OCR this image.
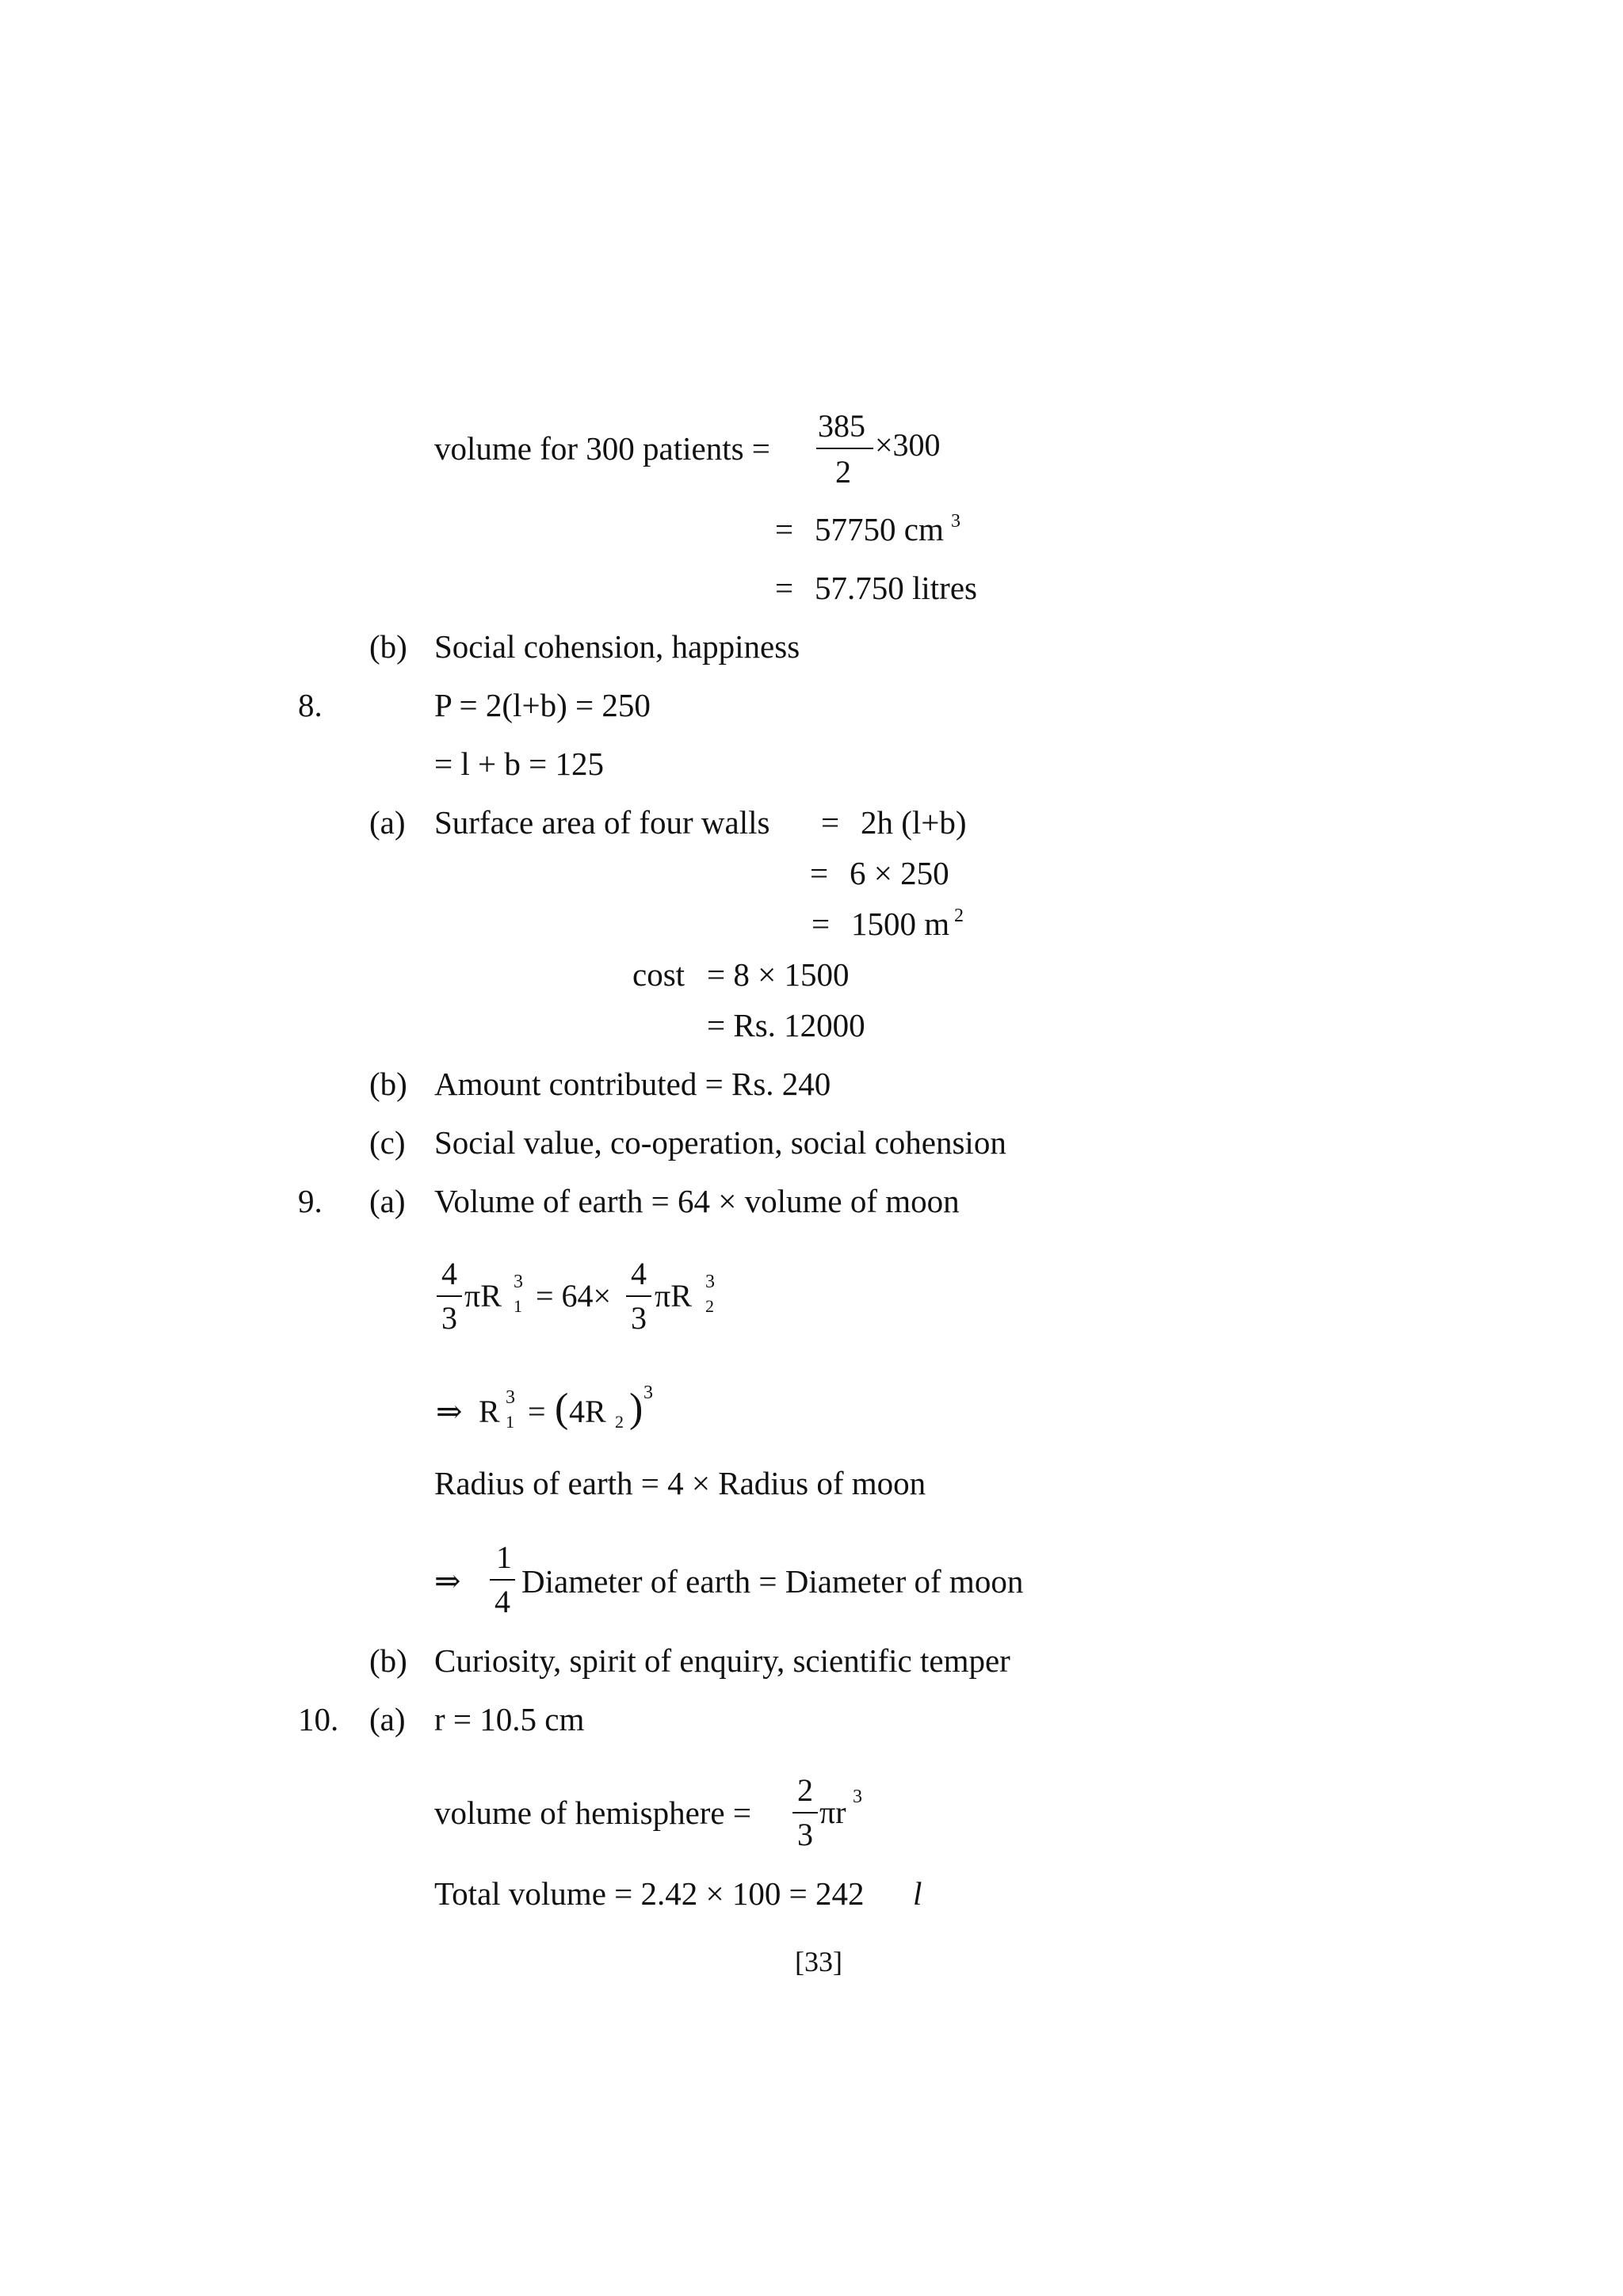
volume for 300 patients =
385
2
×300
= 57750 cm 3
= 57.750 litres
(b) Social cohension, happiness
8.	P = 2(l+b) = 250
= l + b = 125
(a) Surface area of four walls = 2h (l+b)
= 6 × 250
= 1500 m 2
cost = 8 × 1500
= Rs. 12000
(b) Amount contributed = Rs. 240
(c) Social value, co-operation, social cohension
9. (a) Volume of earth = 64 × volume of moon
4
3
πR 3
1 = 64×
4
3
πR 3
2
⇒ R 3
1 = ( 4R 2 ) 3
Radius of earth = 4 × Radius of moon
⇒
1
4
Diameter of earth = Diameter of moon
(b) Curiosity, spirit of enquiry, scientific temper
10. (a) r = 10.5 cm
volume of hemisphere =
2
3
πr 3
Total volume = 2.42 × 100 = 242 l
[33]
